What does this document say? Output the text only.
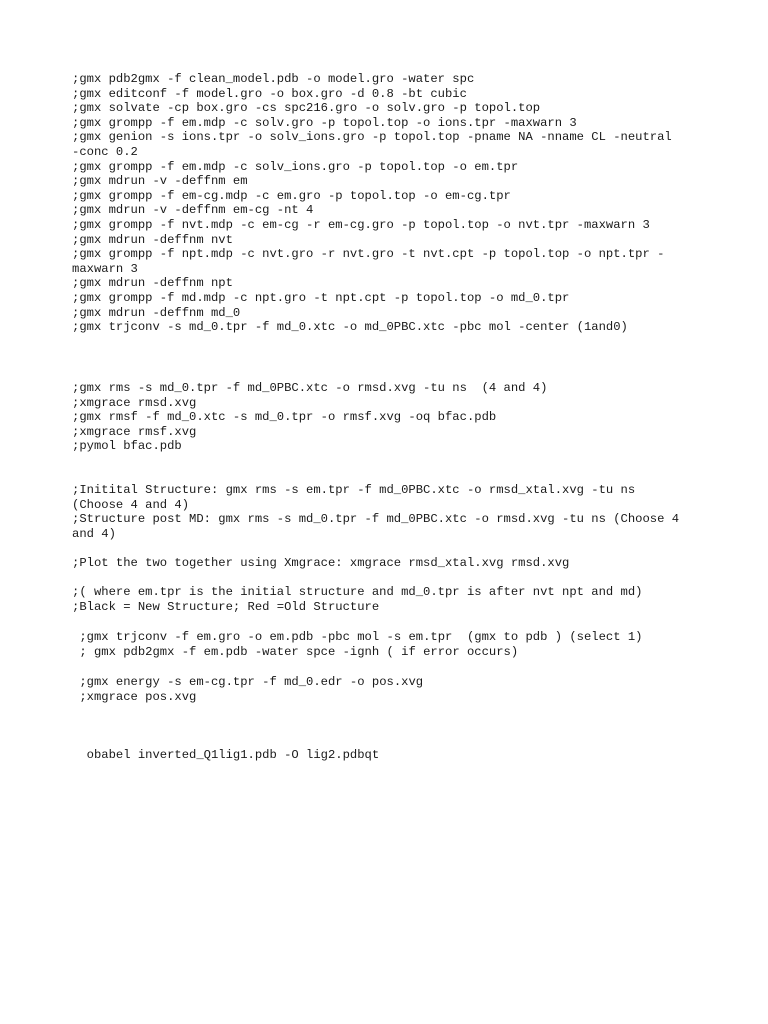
;gmx pdb2gmx -f clean_model.pdb -o model.gro -water spc
;gmx editconf -f model.gro -o box.gro -d 0.8 -bt cubic
;gmx solvate -cp box.gro -cs spc216.gro -o solv.gro -p topol.top
;gmx grompp -f em.mdp -c solv.gro -p topol.top -o ions.tpr -maxwarn 3
;gmx genion -s ions.tpr -o solv_ions.gro -p topol.top -pname NA -nname CL -neutral
-conc 0.2
;gmx grompp -f em.mdp -c solv_ions.gro -p topol.top -o em.tpr
;gmx mdrun -v -deffnm em
;gmx grompp -f em-cg.mdp -c em.gro -p topol.top -o em-cg.tpr
;gmx mdrun -v -deffnm em-cg -nt 4
;gmx grompp -f nvt.mdp -c em-cg -r em-cg.gro -p topol.top -o nvt.tpr -maxwarn 3
;gmx mdrun -deffnm nvt
;gmx grompp -f npt.mdp -c nvt.gro -r nvt.gro -t nvt.cpt -p topol.top -o npt.tpr -
maxwarn 3
;gmx mdrun -deffnm npt
;gmx grompp -f md.mdp -c npt.gro -t npt.cpt -p topol.top -o md_0.tpr
;gmx mdrun -deffnm md_0
;gmx trjconv -s md_0.tpr -f md_0.xtc -o md_0PBC.xtc -pbc mol -center (1and0)
;gmx rms -s md_0.tpr -f md_0PBC.xtc -o rmsd.xvg -tu ns  (4 and 4)
;xmgrace rmsd.xvg
;gmx rmsf -f md_0.xtc -s md_0.tpr -o rmsf.xvg -oq bfac.pdb
;xmgrace rmsf.xvg
;pymol bfac.pdb
;Initital Structure: gmx rms -s em.tpr -f md_0PBC.xtc -o rmsd_xtal.xvg -tu ns
(Choose 4 and 4)
;Structure post MD: gmx rms -s md_0.tpr -f md_0PBC.xtc -o rmsd.xvg -tu ns (Choose 4
and 4)
;Plot the two together using Xmgrace: xmgrace rmsd_xtal.xvg rmsd.xvg
;( where em.tpr is the initial structure and md_0.tpr is after nvt npt and md)
;Black = New Structure; Red =Old Structure
;gmx trjconv -f em.gro -o em.pdb -pbc mol -s em.tpr  (gmx to pdb ) (select 1)
; gmx pdb2gmx -f em.pdb -water spce -ignh ( if error occurs)
;gmx energy -s em-cg.tpr -f md_0.edr -o pos.xvg
;xmgrace pos.xvg
obabel inverted_Q1lig1.pdb -O lig2.pdbqt
